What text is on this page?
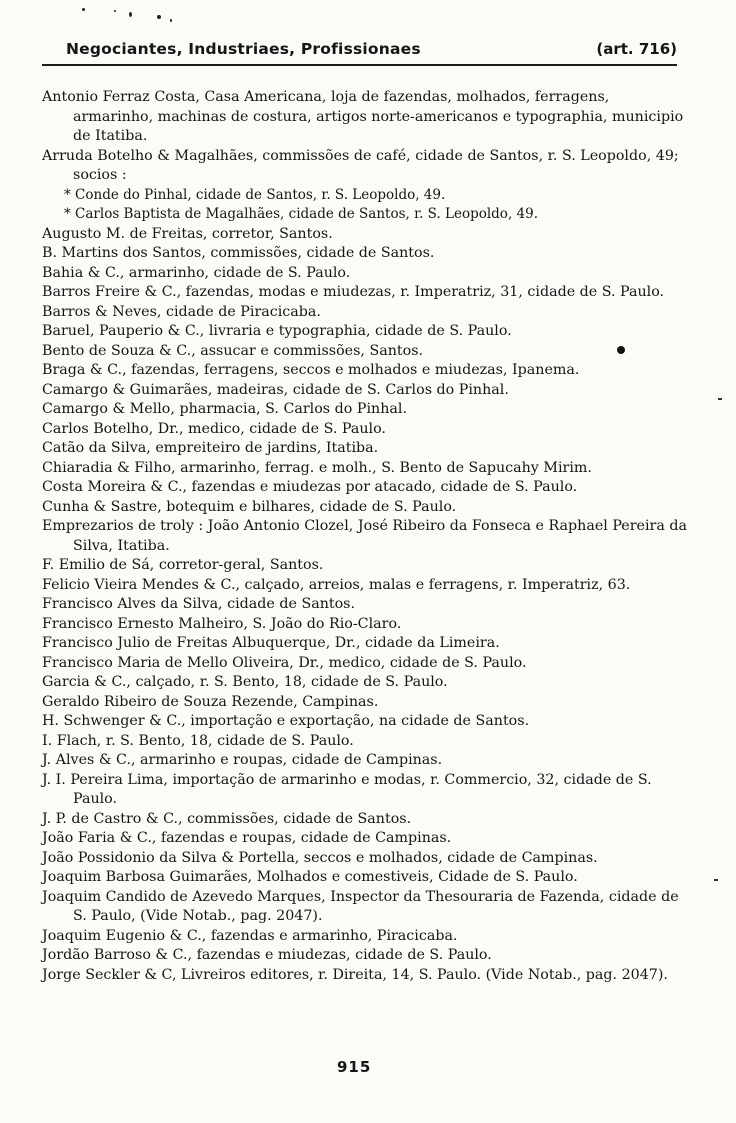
Negociantes, Industriaes, Profissionaes	(art. 716)

Antonio Ferraz Costa, Casa Americana, loja de fazendas, molhados, ferragens, armarinho, machinas de costura, artigos norte-americanos e typographia, municipio de Itatiba.

Arruda Botelho & Magalhães, commissões de café, cidade de Santos, r. S. Leopoldo, 49; socios :

* Conde do Pinhal, cidade de Santos, r. S. Leopoldo, 49.

* Carlos Baptista de Magalhães, cidade de Santos, r. S. Leopoldo, 49.

Augusto M. de Freitas, corretor, Santos.

B. Martins dos Santos, commissões, cidade de Santos.

Bahia & C., armarinho, cidade de S. Paulo.

Barros Freire & C., fazendas, modas e miudezas, r. Imperatriz, 31, cidade de S. Paulo.

Barros & Neves, cidade de Piracicaba.

Baruel, Pauperio & C., livraria e typographia, cidade de S. Paulo.

Bento de Souza & C., assucar e commissões, Santos.

Braga & C., fazendas, ferragens, seccos e molhados e miudezas, Ipanema.

Camargo & Guimarães, madeiras, cidade de S. Carlos do Pinhal.

Camargo & Mello, pharmacia, S. Carlos do Pinhal.

Carlos Botelho, Dr., medico, cidade de S. Paulo.

Catão da Silva, empreiteiro de jardins, Itatiba.

Chiaradia & Filho, armarinho, ferrag. e molh., S. Bento de Sapucahy Mirim.

Costa Moreira & C., fazendas e miudezas por atacado, cidade de S. Paulo.

Cunha & Sastre, botequim e bilhares, cidade de S. Paulo.

Emprezarios de troly : João Antonio Clozel, José Ribeiro da Fonseca e Raphael Pereira da Silva, Itatiba.

F. Emilio de Sá, corretor-geral, Santos.

Felicio Vieira Mendes & C., calçado, arreios, malas e ferragens, r. Imperatriz, 63.

Francisco Alves da Silva, cidade de Santos.

Francisco Ernesto Malheiro, S. João do Rio-Claro.

Francisco Julio de Freitas Albuquerque, Dr., cidade da Limeira.

Francisco Maria de Mello Oliveira, Dr., medico, cidade de S. Paulo.

Garcia & C., calçado, r. S. Bento, 18, cidade de S. Paulo.

Geraldo Ribeiro de Souza Rezende, Campinas.

H. Schwenger & C., importação e exportação, na cidade de Santos.

I. Flach, r. S. Bento, 18, cidade de S. Paulo.

J. Alves & C., armarinho e roupas, cidade de Campinas.

J. I. Pereira Lima, importação de armarinho e modas, r. Commercio, 32, cidade de S. Paulo.

J. P. de Castro & C., commissões, cidade de Santos.

João Faria & C., fazendas e roupas, cidade de Campinas.

João Possidonio da Silva & Portella, seccos e molhados, cidade de Campinas.

Joaquim Barbosa Guimarães, Molhados e comestiveis, Cidade de S. Paulo.

Joaquim Candido de Azevedo Marques, Inspector da Thesouraria de Fazenda, cidade de S. Paulo, (Vide Notab., pag. 2047).

Joaquim Eugenio & C., fazendas e armarinho, Piracicaba.

Jordão Barroso & C., fazendas e miudezas, cidade de S. Paulo.

Jorge Seckler & C, Livreiros editores, r. Direita, 14, S. Paulo. (Vide Notab., pag. 2047).

915
